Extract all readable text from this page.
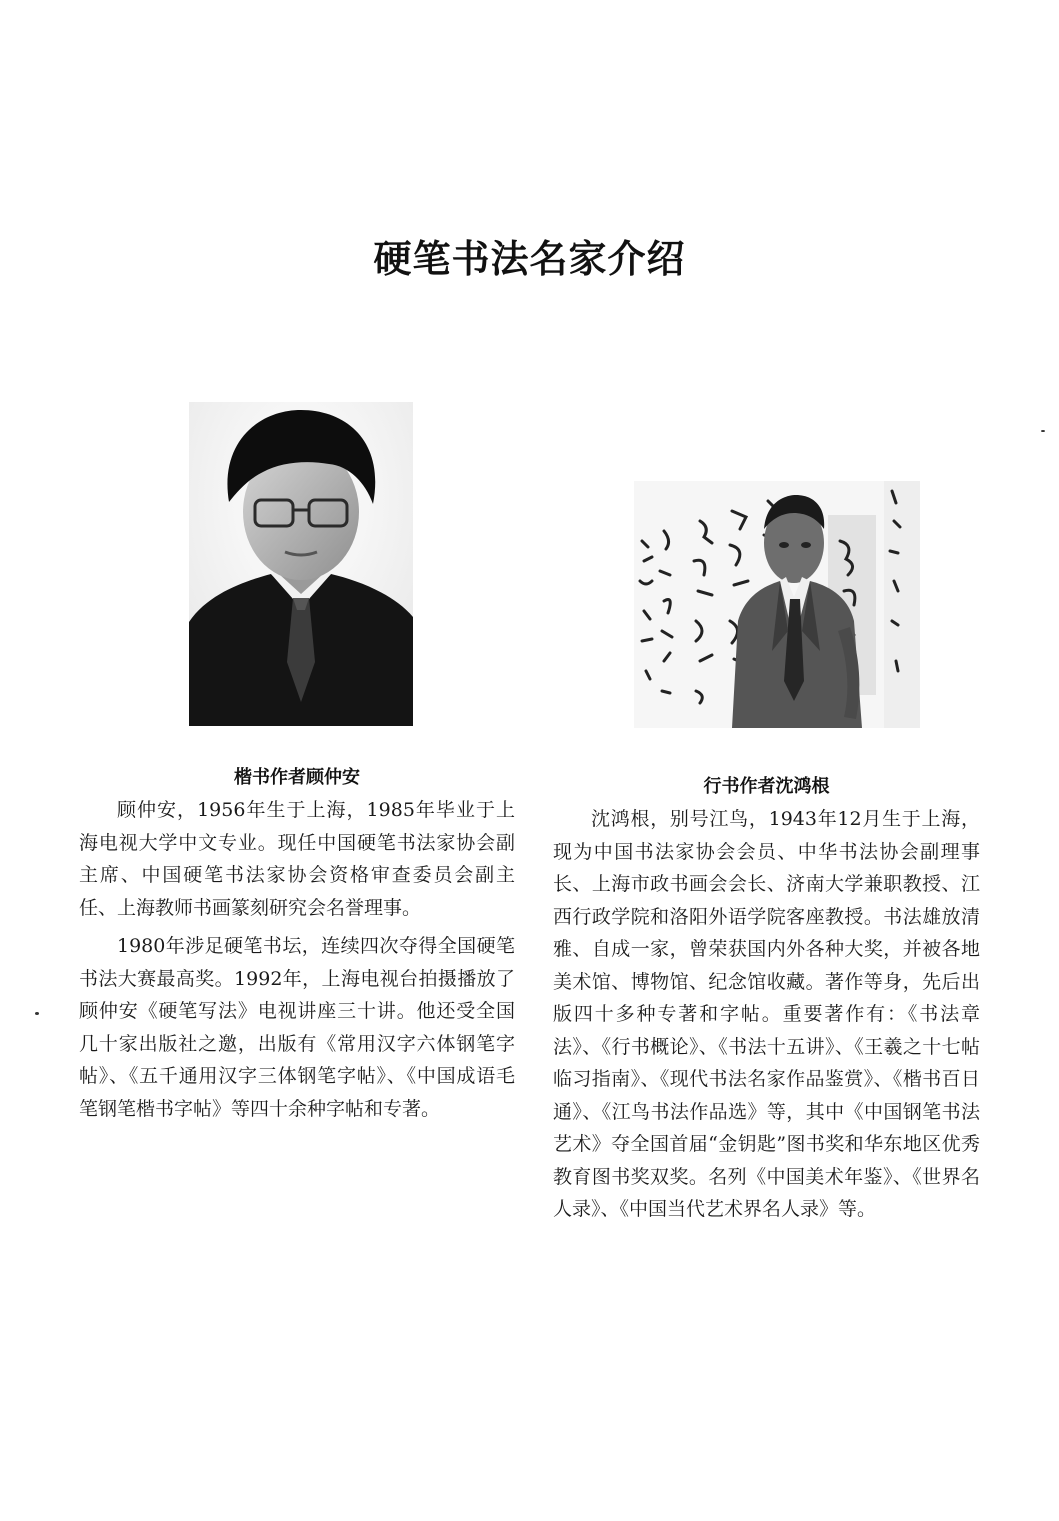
硬笔书法名家介绍
楷书作者顾仲安

顾仲安，1956年生于上海，1985年毕业于上海电视大学中文专业。现任中国硬笔书法家协会副主席、中国硬笔书法家协会资格审查委员会副主任、上海教师书画篆刻研究会名誉理事。

1980年涉足硬笔书坛，连续四次夺得全国硬笔书法大赛最高奖。1992年，上海电视台拍摄播放了顾仲安《硬笔写法》电视讲座三十讲。他还受全国几十家出版社之邀，出版有《常用汉字六体钢笔字帖》、《五千通用汉字三体钢笔字帖》、《中国成语毛笔钢笔楷书字帖》等四十余种字帖和专著。

行书作者沈鸿根

沈鸿根，别号江鸟，1943年12月生于上海，现为中国书法家协会会员、中华书法协会副理事长、上海市政书画会会长、济南大学兼职教授、江西行政学院和洛阳外语学院客座教授。书法雄放清雅、自成一家，曾荣获国内外各种大奖，并被各地美术馆、博物馆、纪念馆收藏。著作等身，先后出版四十多种专著和字帖。重要著作有：《书法章法》、《行书概论》、《书法十五讲》、《王羲之十七帖临习指南》、《现代书法名家作品鉴赏》、《楷书百日通》、《江鸟书法作品选》等，其中《中国钢笔书法艺术》夺全国首届“金钥匙”图书奖和华东地区优秀教育图书奖双奖。名列《中国美术年鉴》、《世界名人录》、《中国当代艺术界名人录》等。
